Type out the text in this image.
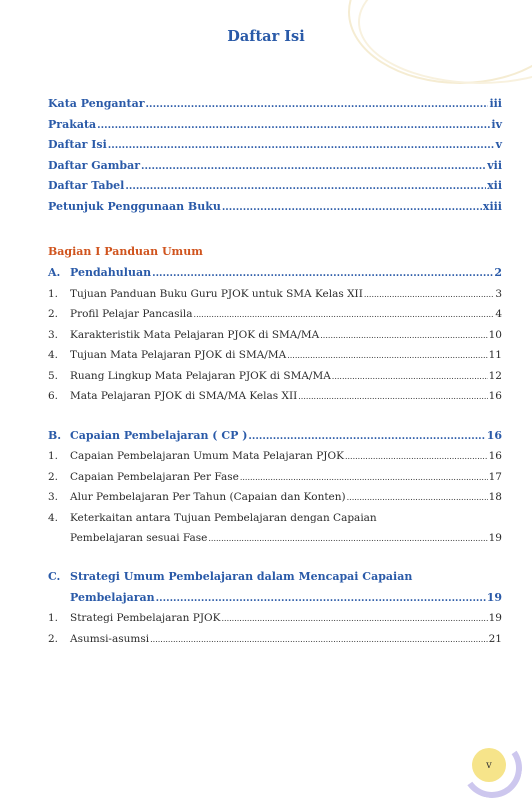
Daftar Isi
Kata Pengantar .....	iii
Prakata .....	iv
Daftar Isi .....	v
Daftar Gambar .....	vii
Daftar Tabel .....	xii
Petunjuk Penggunaan Buku .....	xiii
Bagian I Panduan Umum
A. Pendahuluan .....	2
1.	Tujuan Panduan Buku Guru PJOK untuk SMA Kelas XII .....	3
2.	Profil Pelajar Pancasila .....	4
3.	Karakteristik Mata Pelajaran PJOK di SMA/MA .....	10
4.	Tujuan Mata Pelajaran PJOK di SMA/MA .....	11
5.	Ruang Lingkup Mata Pelajaran PJOK di SMA/MA .....	12
6.	Mata Pelajaran PJOK di SMA/MA Kelas XII .....	16
B. Capaian Pembelajaran ( CP ) .....	16
1.	Capaian Pembelajaran Umum Mata Pelajaran PJOK .....	16
2.	Capaian Pembelajaran Per Fase .....	17
3.	Alur Pembelajaran Per Tahun (Capaian dan Konten) .....	18
4. Keterkaitan antara Tujuan Pembelajaran dengan Capaian
Pembelajaran sesuai Fase .....	19
C. Strategi Umum Pembelajaran dalam Mencapai Capaian
Pembelajaran .....	19
1.	Strategi Pembelajaran PJOK .....	19
2.	Asumsi-asumsi .....	21
v
